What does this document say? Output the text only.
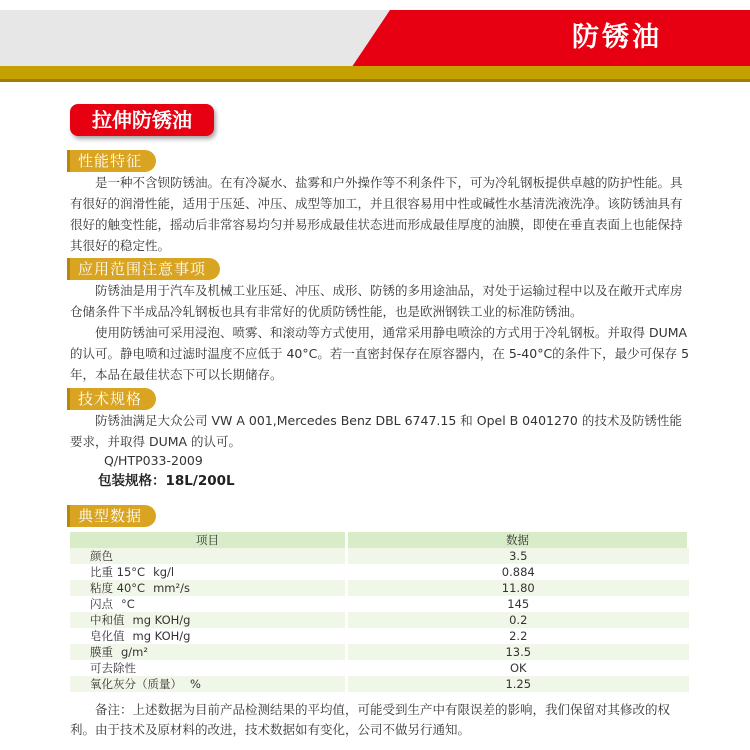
防锈油
拉伸防锈油
性能特征

是一种不含钡防锈油。在有冷凝水、盐雾和户外操作等不利条件下，可为冷轧钢板提供卓越的防护性能。具有很好的润滑性能，适用于压延、冲压、成型等加工，并且很容易用中性或碱性水基清洗液洗净。该防锈油具有很好的触变性能，摇动后非常容易均匀并易形成最佳状态进而形成最佳厚度的油膜，即使在垂直表面上也能保持其很好的稳定性。

应用范围注意事项

防锈油是用于汽车及机械工业压延、冲压、成形、防锈的多用途油品，对处于运输过程中以及在敞开式库房仓储条件下半成品冷轧钢板也具有非常好的优质防锈性能，也是欧洲钢铁工业的标准防锈油。

使用防锈油可采用浸泡、喷雾、和滚动等方式使用，通常采用静电喷涂的方式用于冷轧钢板。并取得 DUMA 的认可。静电喷和过滤时温度不应低于 40°C。若一直密封保存在原容器内，在 5-40°C的条件下，最少可保存 5 年，本品在最佳状态下可以长期储存。

技术规格

防锈油满足大众公司 VW A 001,Mercedes Benz DBL 6747.15 和 Opel B 0401270 的技术及防锈性能要求，并取得 DUMA 的认可。

Q/HTP033-2009

包装规格：18L/200L

典型数据
项目	数据
颜色	3.5
比重 15°C kg/l	0.884
粘度 40°C mm²/s	11.80
闪点 °C	145
中和值 mg KOH/g	0.2
皂化值 mg KOH/g	2.2
膜重 g/m²	13.5
可去除性	OK
氧化灰分（质量） %	1.25

备注：上述数据为目前产品检测结果的平均值，可能受到生产中有限误差的影响，我们保留对其修改的权利。由于技术及原材料的改进，技术数据如有变化，公司不做另行通知。
